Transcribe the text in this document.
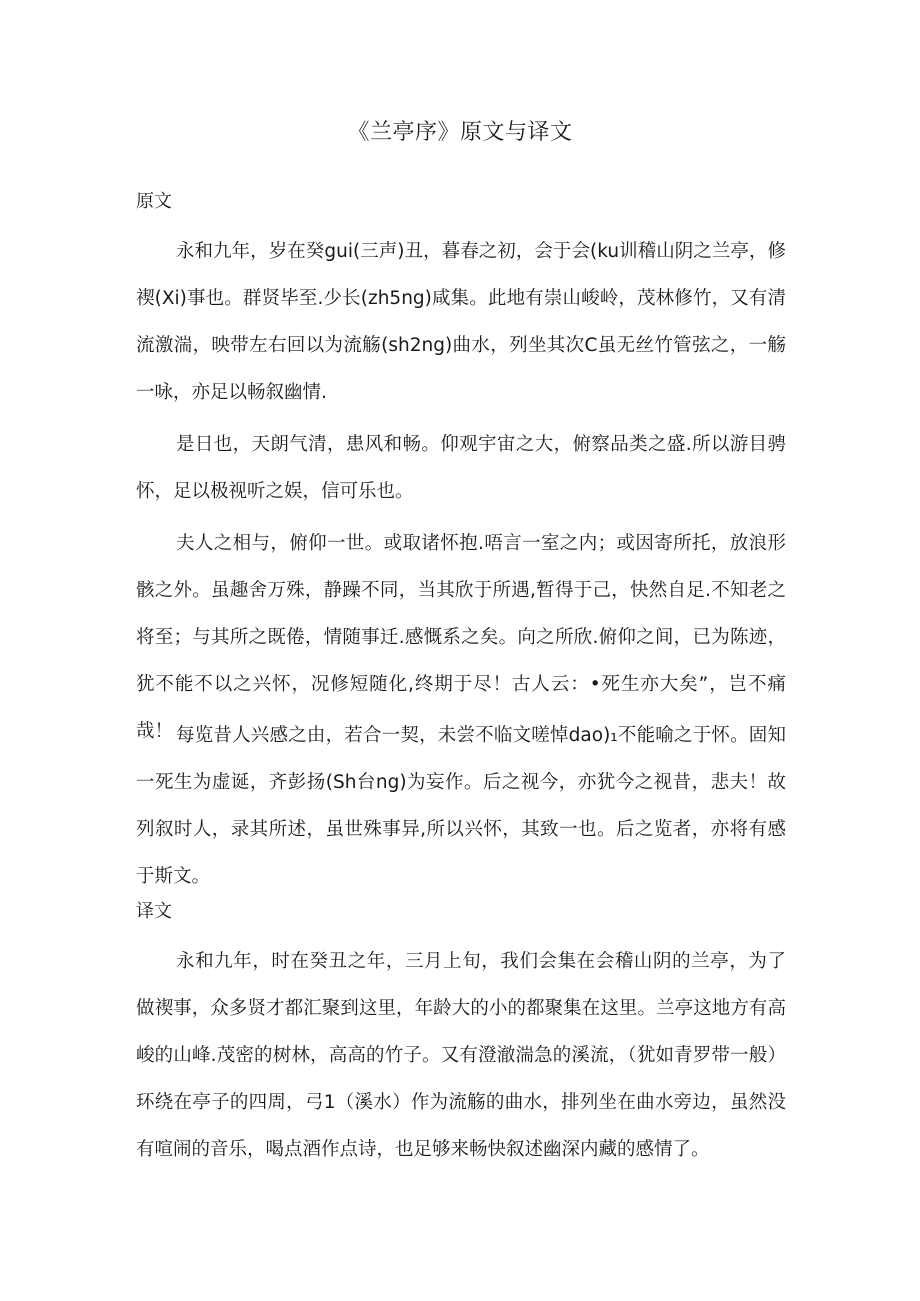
《兰亭序》原文与译文
原文

永和九年，岁在癸gui(三声)丑，暮春之初，会于会(ku训稽山阴之兰亭，修禊(Xi)事也。群贤毕至.少长(zh5ng)咸集。此地有崇山峻岭，茂林修竹，又有清流激湍，映带左右回以为流觞(sh2ng)曲水，列坐其次C虽无丝竹管弦之，一觞一咏，亦足以畅叙幽情.

是日也，天朗气清，患风和畅。仰观宇宙之大，俯察品类之盛.所以游目骋怀，足以极视听之娱，信可乐也。

夫人之相与，俯仰一世。或取诸怀抱.唔言一室之内；或因寄所托，放浪形骸之外。虽趣舍万殊，静躁不同，当其欣于所遇,暂得于己，快然自足.不知老之将至；与其所之既倦，情随事迁.感慨系之矣。向之所欣.俯仰之间，已为陈迹，犹不能不以之兴怀，况修短随化,终期于尽！古人云：•死生亦大矣”，岂不痛哉！ 每览昔人兴感之由，若合一契，未尝不临文嗟悼dao)₁不能喻之于怀。固知一死生为虚诞，齐彭扬(Sh台ng)为妄作。后之视今，亦犹今之视昔，悲夫！故列叙时人，录其所述，虽世殊事异,所以兴怀，其致一也。后之览者，亦将有感于斯文。

译文

永和九年，时在癸丑之年，三月上旬，我们会集在会稽山阴的兰亭，为了做禊事，众多贤才都汇聚到这里，年龄大的小的都聚集在这里。兰亭这地方有高峻的山峰.茂密的树林，高高的竹子。又有澄澈湍急的溪流，（犹如青罗带一般）环绕在亭子的四周，弓1（溪水）作为流觞的曲水，排列坐在曲水旁边，虽然没有喧闹的音乐，喝点酒作点诗，也足够来畅快叙述幽深内藏的感情了。
